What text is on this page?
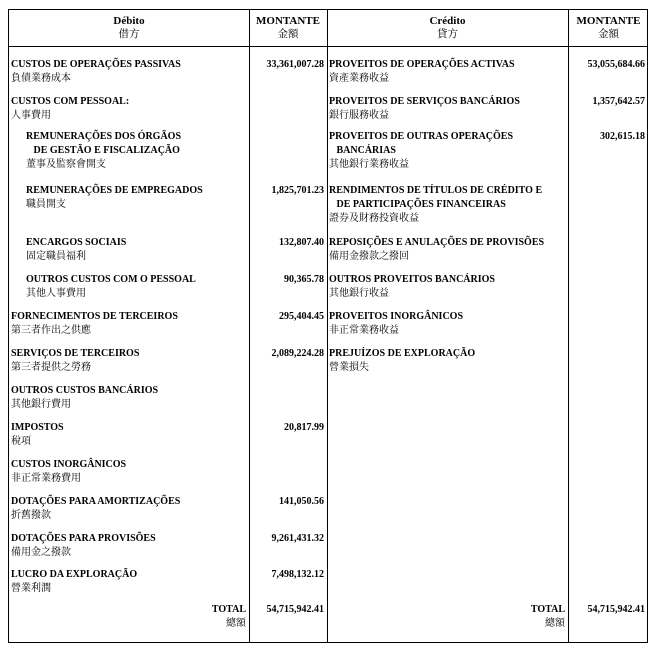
Débito
借方
MONTANTE
金額
Crédito
貸方
MONTANTE
金額
CUSTOS DE OPERAÇÕES PASSIVAS
負債業務成本
CUSTOS COM PESSOAL:
人事費用
REMUNERAÇÕES DOS ÓRGÃOS
DE GESTÃO E FISCALIZAÇÃO
董事及監察會開支
REMUNERAÇÕES DE EMPREGADOS
職員開支
ENCARGOS SOCIAIS
固定職員福利
OUTROS CUSTOS COM O PESSOAL
其他人事費用
FORNECIMENTOS DE TERCEIROS
第三者作出之供應
SERVIÇOS DE TERCEIROS
第三者提供之勞務
OUTROS CUSTOS BANCÁRIOS
其他銀行費用
IMPOSTOS
稅項
CUSTOS INORGÂNICOS
非正常業務費用
DOTAÇÕES PARA AMORTIZAÇÕES
折舊撥款
DOTAÇÕES PARA PROVISÕES
備用金之撥款
LUCRO DA EXPLORAÇÃO
營業利潤
33,361,007.28
1,825,701.23
132,807.40
90,365.78
295,404.45
2,089,224.28
20,817.99
141,050.56
9,261,431.32
7,498,132.12
PROVEITOS DE OPERAÇÕES ACTIVAS
資產業務收益
PROVEITOS DE SERVIÇOS BANCÁRIOS
銀行服務收益
PROVEITOS DE OUTRAS OPERAÇÕES
BANCÁRIAS
其他銀行業務收益
RENDIMENTOS DE TÍTULOS DE CRÉDITO E
DE PARTICIPAÇÕES FINANCEIRAS
證券及財務投資收益
REPOSIÇÕES E ANULAÇÕES DE PROVISÕES
備用金撥款之撥回
OUTROS PROVEITOS BANCÁRIOS
其他銀行收益
PROVEITOS INORGÂNICOS
非正常業務收益
PREJUÍZOS DE EXPLORAÇÃO
營業損失
53,055,684.66
1,357,642.57
302,615.18
TOTAL
總額
54,715,942.41	TOTAL
總額
54,715,942.41
